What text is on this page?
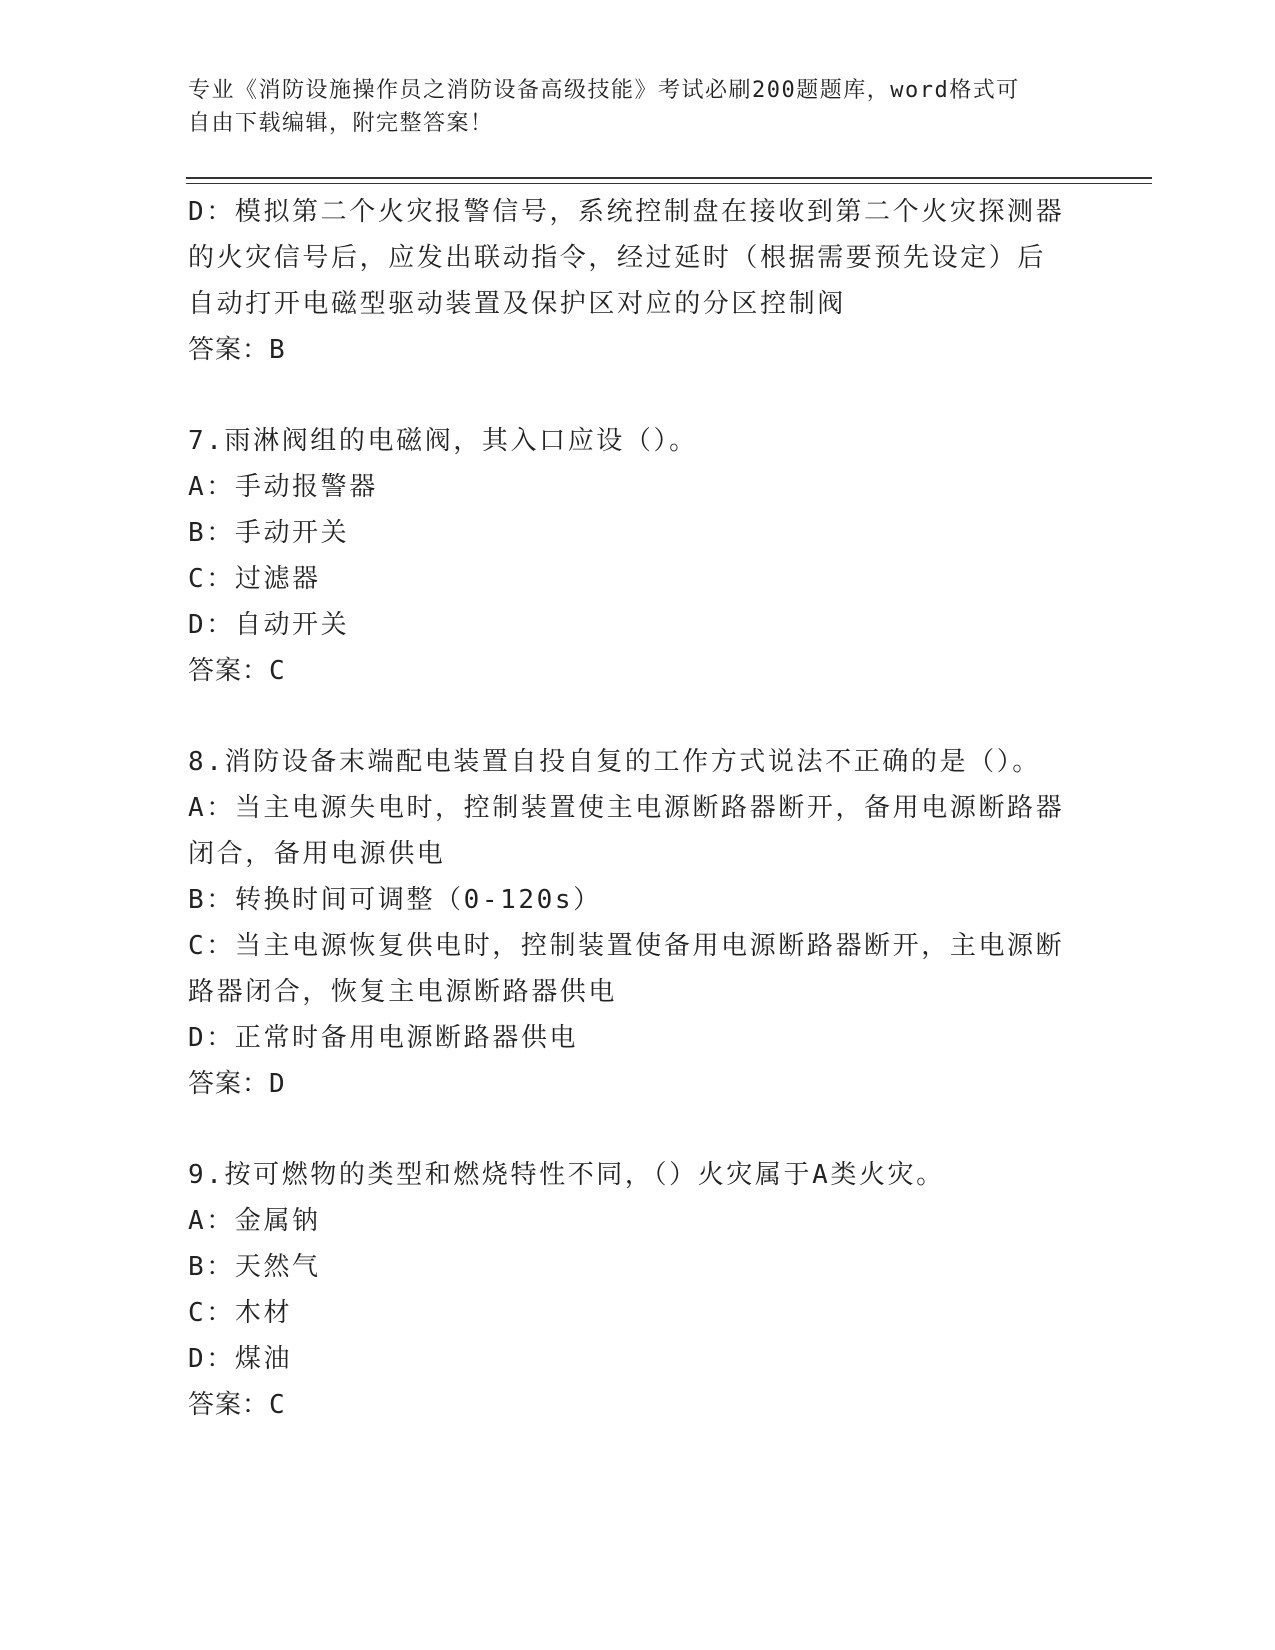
专业《消防设施操作员之消防设备高级技能》考试必刷200题题库，word格式可
自由下载编辑，附完整答案！

D：模拟第二个火灾报警信号，系统控制盘在接收到第二个火灾探测器

的火灾信号后，应发出联动指令，经过延时（根据需要预先设定）后

自动打开电磁型驱动装置及保护区对应的分区控制阀

答案：B

7.雨淋阀组的电磁阀，其入口应设（）。

A：手动报警器

B：手动开关

C：过滤器

D：自动开关

答案：C

8.消防设备末端配电装置自投自复的工作方式说法不正确的是（）。

A：当主电源失电时，控制装置使主电源断路器断开，备用电源断路器

闭合，备用电源供电

B：转换时间可调整（0-120s）

C：当主电源恢复供电时，控制装置使备用电源断路器断开，主电源断

路器闭合，恢复主电源断路器供电

D：正常时备用电源断路器供电

答案：D

9.按可燃物的类型和燃烧特性不同，（）火灾属于A类火灾。

A：金属钠

B：天然气

C：木材

D：煤油

答案：C
